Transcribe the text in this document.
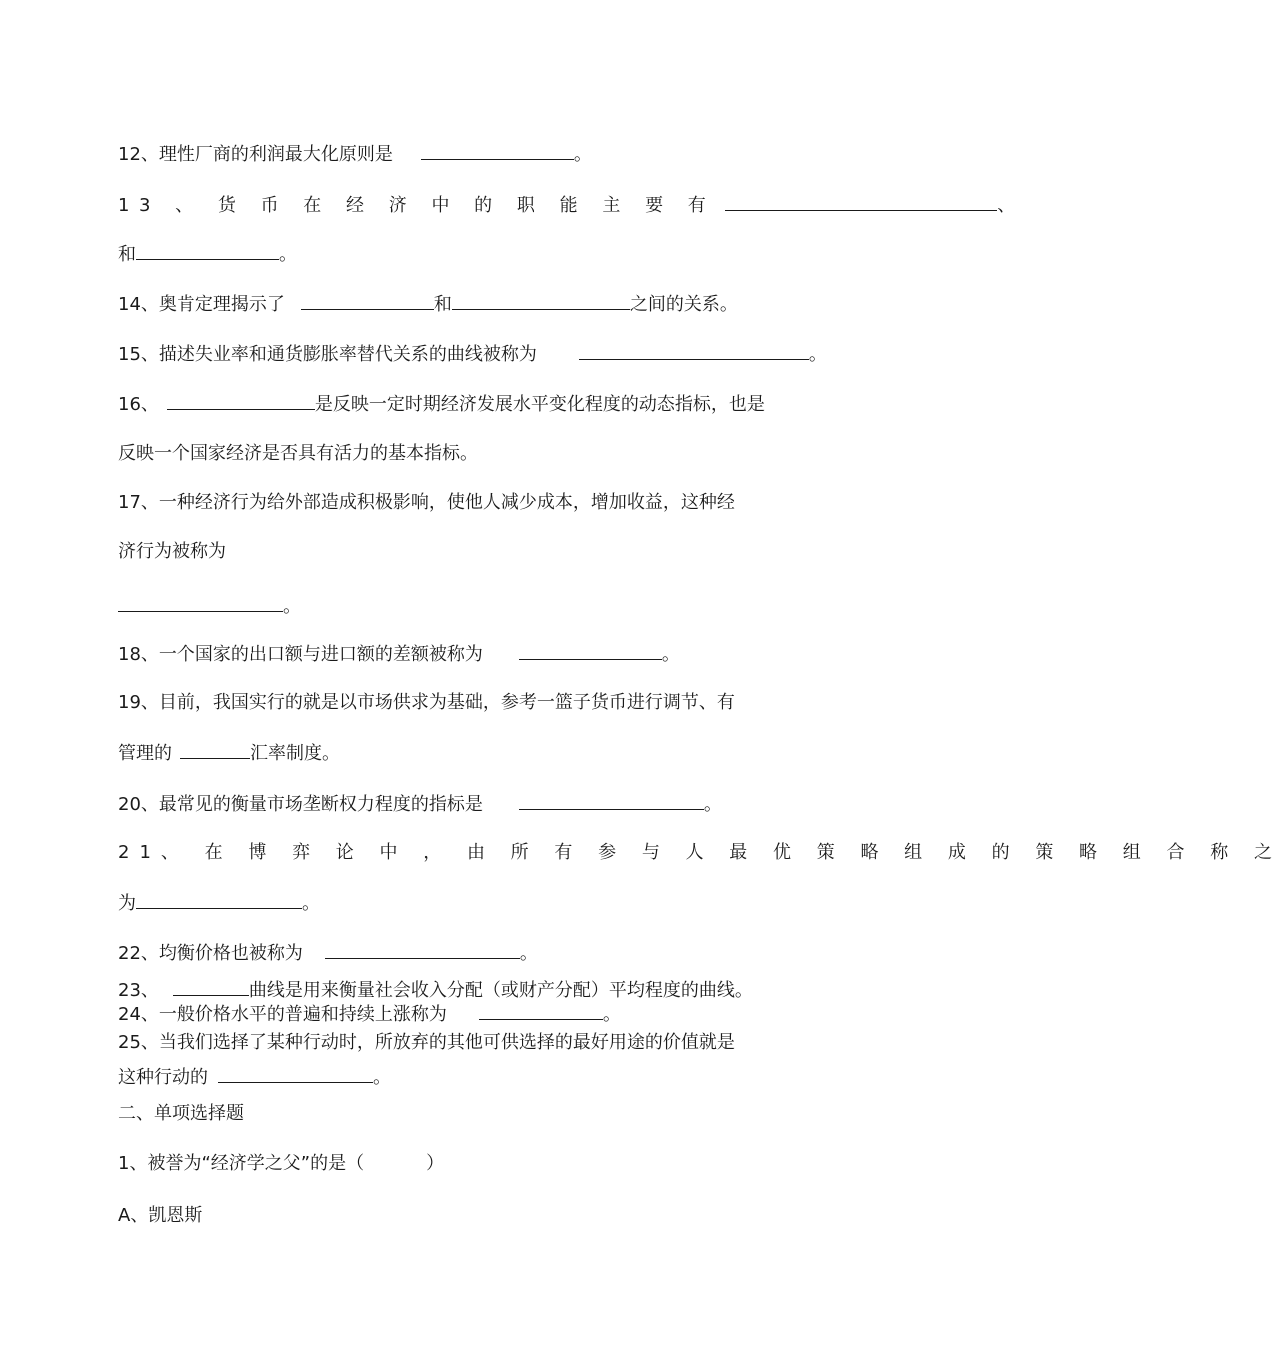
12、理性厂商的利润最大化原则是	。
13 、 货 币 在 经 济 中 的 职 能 主 要 有	、
和	。
14、奥肯定理揭示了	和	之间的关系。
15、描述失业率和通货膨胀率替代关系的曲线被称为	。
16、	是反映一定时期经济发展水平变化程度的动态指标，也是
反映一个国家经济是否具有活力的基本指标。
17、一种经济行为给外部造成积极影响，使他人减少成本，增加收益，这种经
济行为被称为
。
18、一个国家的出口额与进口额的差额被称为	。
19、目前，我国实行的就是以市场供求为基础，参考一篮子货币进行调节、有
管理的	汇率制度。
20、最常见的衡量市场垄断权力程度的指标是	。
21、 在 博 弈 论 中 ， 由 所 有 参 与 人 最 优 策 略 组 成 的 策 略 组 合 称 之
为	。
22、均衡价格也被称为	。
23、	曲线是用来衡量社会收入分配（或财产分配）平均程度的曲线。
24、一般价格水平的普遍和持续上涨称为	。
25、当我们选择了某种行动时，所放弃的其他可供选择的最好用途的价值就是
这种行动的	。
二、单项选择题
1、被誉为“经济学之父”的是（	）
A、凯恩斯
